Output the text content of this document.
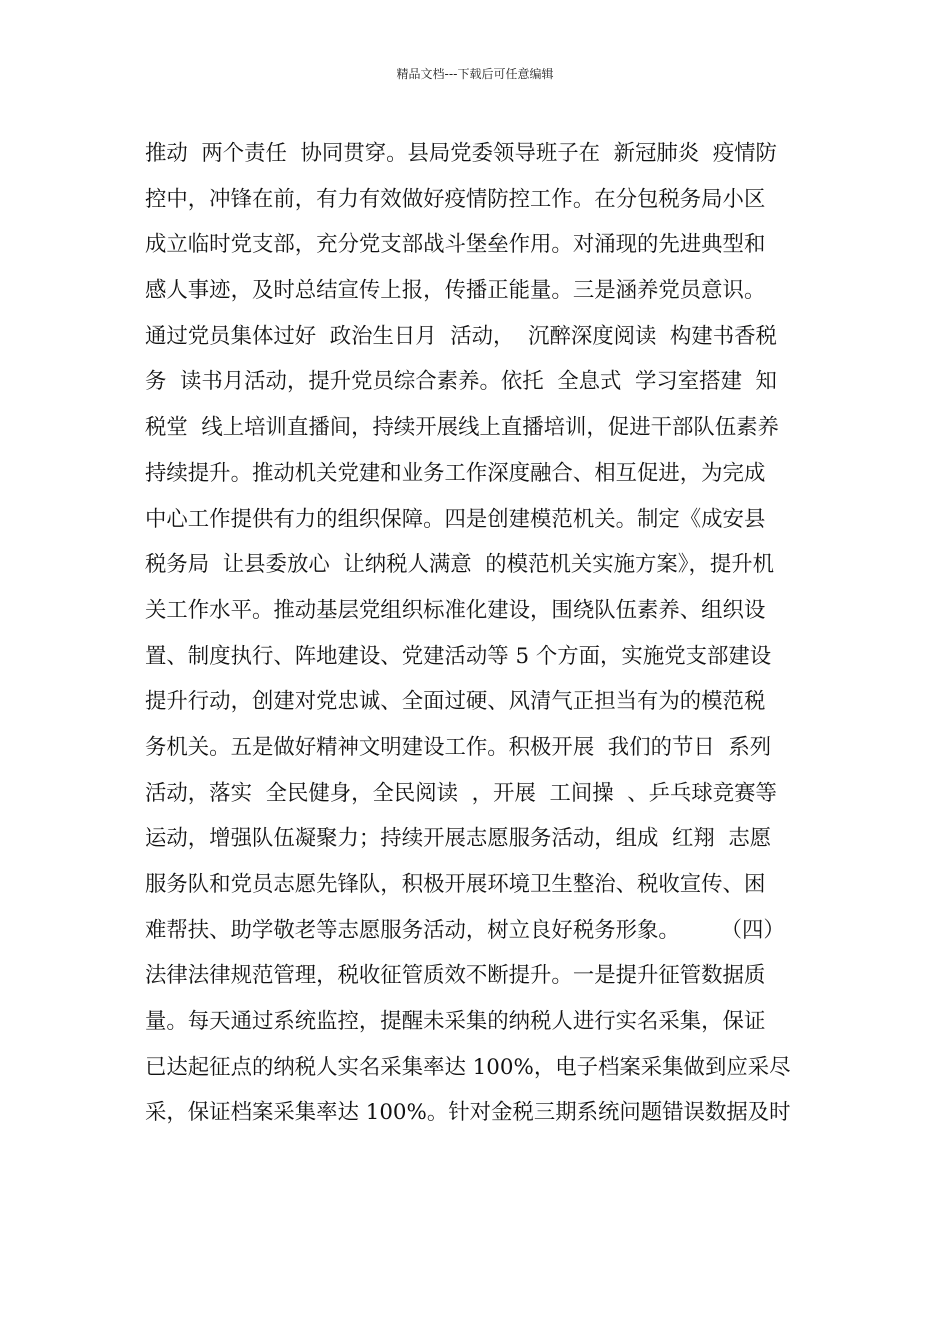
精品文档---下载后可任意编辑
推动  两个责任  协同贯穿。县局党委领导班子在  新冠肺炎  疫情防
控中，冲锋在前，有力有效做好疫情防控工作。在分包税务局小区
成立临时党支部，充分党支部战斗堡垒作用。对涌现的先进典型和
感人事迹，及时总结宣传上报，传播正能量。三是涵养党员意识。
通过党员集体过好  政治生日月  活动，  沉醉深度阅读  构建书香税
务  读书月活动，提升党员综合素养。依托  全息式  学习室搭建  知
税堂  线上培训直播间，持续开展线上直播培训，促进干部队伍素养
持续提升。推动机关党建和业务工作深度融合、相互促进，为完成
中心工作提供有力的组织保障。四是创建模范机关。制定《成安县
税务局  让县委放心  让纳税人满意  的模范机关实施方案》，提升机
关工作水平。推动基层党组织标准化建设，围绕队伍素养、组织设
置、制度执行、阵地建设、党建活动等 5 个方面，实施党支部建设
提升行动，创建对党忠诚、全面过硬、风清气正担当有为的模范税
务机关。五是做好精神文明建设工作。积极开展  我们的节日  系列
活动，落实  全民健身，全民阅读  ，开展  工间操  、乒乓球竞赛等
运动，增强队伍凝聚力；持续开展志愿服务活动，组成  红翔  志愿
服务队和党员志愿先锋队，积极开展环境卫生整治、税收宣传、困
难帮扶、助学敬老等志愿服务活动，树立良好税务形象。      （四）
法律法律规范管理，税收征管质效不断提升。一是提升征管数据质
量。每天通过系统监控，提醒未采集的纳税人进行实名采集，保证
已达起征点的纳税人实名采集率达 100%，电子档案采集做到应采尽
采，保证档案采集率达 100%。针对金税三期系统问题错误数据及时
